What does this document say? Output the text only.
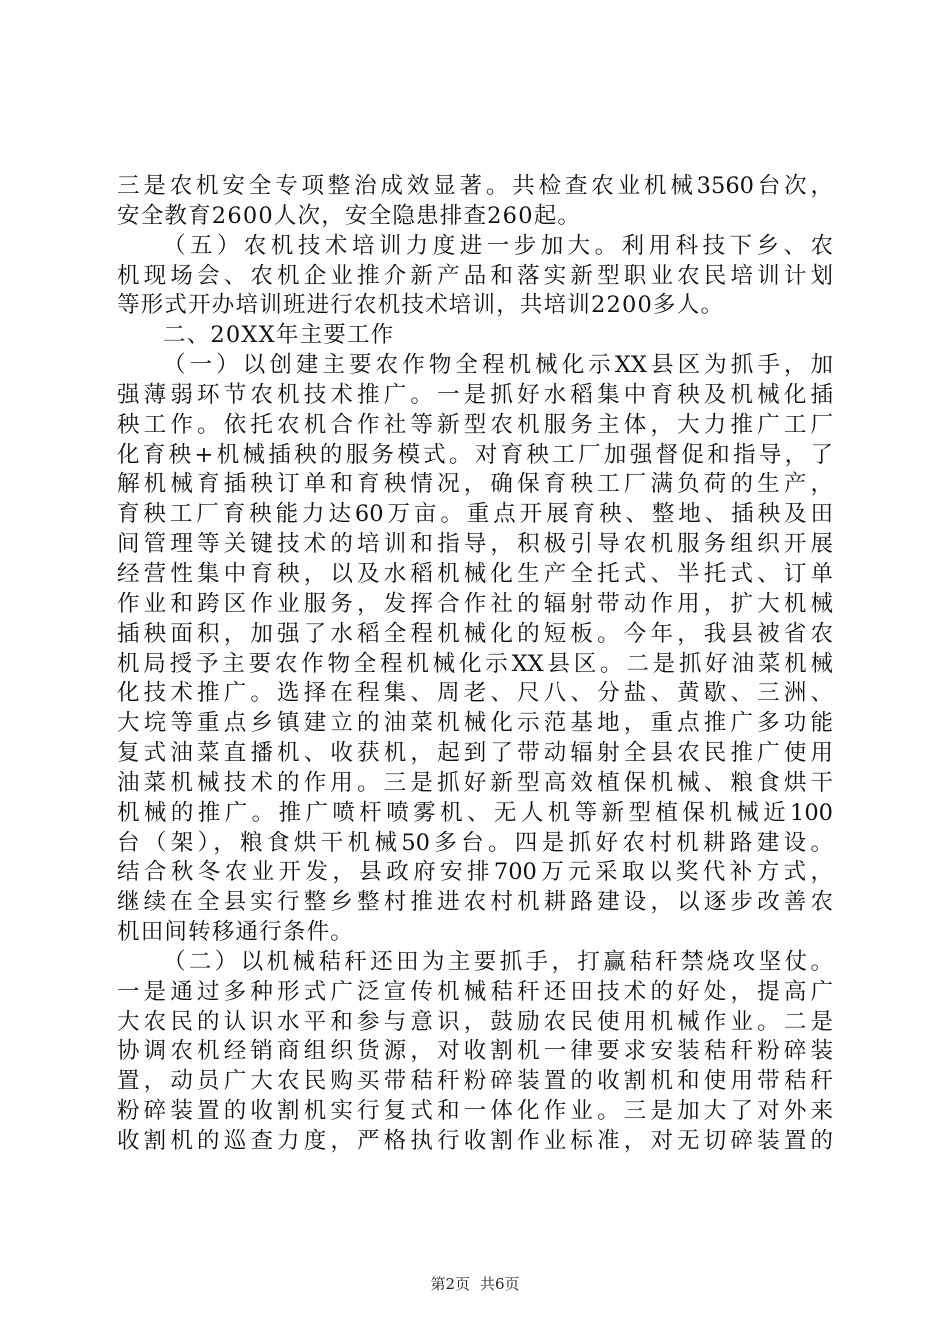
三是农机安全专项整治成效显著。共检查农业机械3560台次，
安全教育2600人次，安全隐患排查260起。
（五）农机技术培训力度进一步加大。利用科技下乡、农
机现场会、农机企业推介新产品和落实新型职业农民培训计划
等形式开办培训班进行农机技术培训，共培训2200多人。
二、20XX年主要工作
（一）以创建主要农作物全程机械化示XX县区为抓手，加
强薄弱环节农机技术推广。一是抓好水稻集中育秧及机械化插
秧工作。依托农机合作社等新型农机服务主体，大力推广工厂
化育秧+机械插秧的服务模式。对育秧工厂加强督促和指导，了
解机械育插秧订单和育秧情况，确保育秧工厂满负荷的生产，
育秧工厂育秧能力达60万亩。重点开展育秧、整地、插秧及田
间管理等关键技术的培训和指导，积极引导农机服务组织开展
经营性集中育秧，以及水稻机械化生产全托式、半托式、订单
作业和跨区作业服务，发挥合作社的辐射带动作用，扩大机械
插秧面积，加强了水稻全程机械化的短板。今年，我县被省农
机局授予主要农作物全程机械化示XX县区。二是抓好油菜机械
化技术推广。选择在程集、周老、尺八、分盐、黄歇、三洲、
大垸等重点乡镇建立的油菜机械化示范基地，重点推广多功能
复式油菜直播机、收获机，起到了带动辐射全县农民推广使用
油菜机械技术的作用。三是抓好新型高效植保机械、粮食烘干
机械的推广。推广喷杆喷雾机、无人机等新型植保机械近100
台（架），粮食烘干机械50多台。四是抓好农村机耕路建设。
结合秋冬农业开发，县政府安排700万元采取以奖代补方式，
继续在全县实行整乡整村推进农村机耕路建设，以逐步改善农
机田间转移通行条件。
（二）以机械秸秆还田为主要抓手，打赢秸秆禁烧攻坚仗。
一是通过多种形式广泛宣传机械秸秆还田技术的好处，提高广
大农民的认识水平和参与意识，鼓励农民使用机械作业。二是
协调农机经销商组织货源，对收割机一律要求安装秸秆粉碎装
置，动员广大农民购买带秸秆粉碎装置的收割机和使用带秸秆
粉碎装置的收割机实行复式和一体化作业。三是加大了对外来
收割机的巡查力度，严格执行收割作业标准，对无切碎装置的
第2页 共6页
